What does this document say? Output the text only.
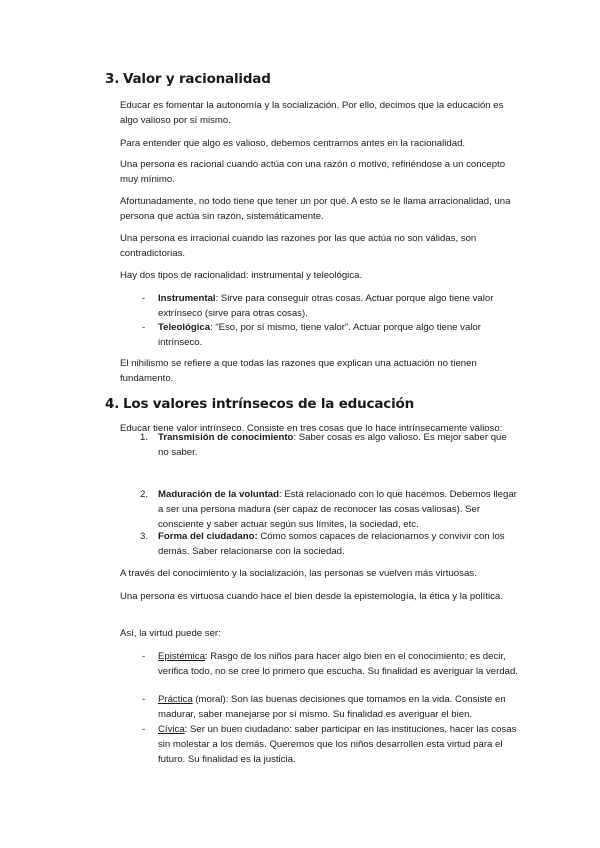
3. Valor y racionalidad

Educar es fomentar la autonomía y la socialización. Por ello, decimos que la educación es algo valioso por sí mismo.

Para entender que algo es valioso, debemos centrarnos antes en la racionalidad.

Una persona es racional cuando actúa con una razón o motivo, refiriéndose a un concepto muy mínimo.

Afortunadamente, no todo tiene que tener un por qué. A esto se le llama arracionalidad, una persona que actúa sin razón, sistemáticamente.

Una persona es irracional cuando las razones por las que actúa no son válidas, son contradictorias.

Hay dos tipos de racionalidad: instrumental y teleológica.

- Instrumental: Sirve para conseguir otras cosas. Actuar porque algo tiene valor extrínseco (sirve para otras cosas).

- Teleológica: “Eso, por sí mismo, tiene valor”. Actuar porque algo tiene valor intrínseco.

El nihilismo se refiere a que todas las razones que explican una actuación no tienen fundamento.

4. Los valores intrínsecos de la educación

Educar tiene valor intrínseco. Consiste en tres cosas que lo hace intrínsecamente valioso:

1. Transmisión de conocimiento: Saber cosas es algo valioso. Es mejor saber que no saber.

2. Maduración de la voluntad: Está relacionado con lo que hacemos. Debemos llegar a ser una persona madura (ser capaz de reconocer las cosas valiosas). Ser consciente y saber actuar según sus límites, la sociedad, etc.

3. Forma del ciudadano: Cómo somos capaces de relacionarnos y convivir con los demás. Saber relacionarse con la sociedad.

A través del conocimiento y la socialización, las personas se vuelven más virtuosas.

Una persona es virtuosa cuando hace el bien desde la epistemología, la ética y la política.

Así, la virtud puede ser:

- Epistémica: Rasgo de los niños para hacer algo bien en el conocimiento; es decir, verifica todo, no se cree lo primero que escucha. Su finalidad es averiguar la verdad.

- Práctica (moral): Son las buenas decisiones que tomamos en la vida. Consiste en madurar, saber manejarse por sí mismo. Su finalidad es averiguar el bien.

- Cívica: Ser un buen ciudadano: saber participar en las instituciones, hacer las cosas sin molestar a los demás. Queremos que los niños desarrollen esta virtud para el futuro. Su finalidad es la justicia.
